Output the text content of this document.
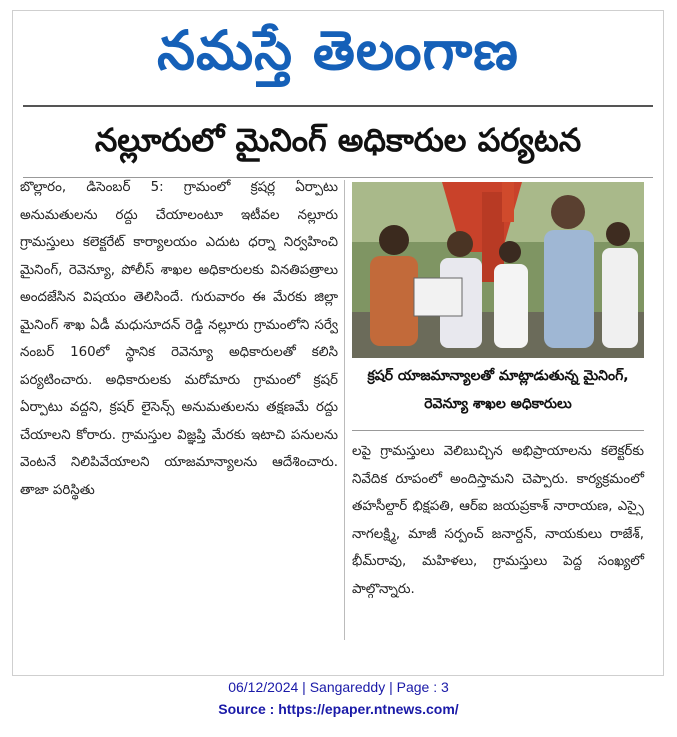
నమస్తే తెలంగాణ
నల్లూరులో మైనింగ్ అధికారుల పర్యటన

బొల్లారం, డిసెంబర్ 5: గ్రామంలో క్రషర్ల ఏర్పాటు అనుమతులను రద్దు చేయాలంటూ ఇటీవల నల్లూరు గ్రామస్తులు కలెక్టరేట్ కార్యాలయం ఎదుట ధర్నా నిర్వహించి మైనింగ్, రెవెన్యూ, పోలీస్ శాఖల అధికారులకు వినతిపత్రాలు అందజేసిన విషయం తెలిసిందే. గురువారం ఈ మేరకు జిల్లా మైనింగ్ శాఖ ఏడీ మధుసూదన్ రెడ్డి నల్లూరు గ్రామంలోని సర్వే నంబర్ 160లో స్థానిక రెవెన్యూ అధికారులతో కలిసి పర్యటించారు. అధికారులకు మరోమారు గ్రామంలో క్రషర్ ఏర్పాటు వద్దని, క్రషర్ లైసెన్స్ అనుమతులను తక్షణమే రద్దు చేయాలని కోరారు. గ్రామస్తుల విజ్ఞప్తి మేరకు ఇటాచి పనులను వెంటనే నిలిపివేయాలని యాజమాన్యాలను ఆదేశించారు. తాజా పరిస్థితు

క్రషర్ యాజమాన్యాలతో మాట్లాడుతున్న మైనింగ్, రెవెన్యూ శాఖల అధికారులు

లపై గ్రామస్తులు వెలిబుచ్చిన అభిప్రాయాలను కలెక్టర్‌కు నివేదిక రూపంలో అందిస్తామని చెప్పారు. కార్యక్రమంలో తహసీల్దార్ భిక్షపతి, ఆర్ఐ జయప్రకాశ్ నారాయణ, ఎస్సై నాగలక్ష్మి, మాజీ సర్పంచ్ జనార్దన్, నాయకులు రాజేశ్, భీమ్‌రావు, మహిళలు, గ్రామస్తులు పెద్ద సంఖ్యలో పాల్గొన్నారు.

06/12/2024 | Sangareddy | Page : 3
Source : https://epaper.ntnews.com/
